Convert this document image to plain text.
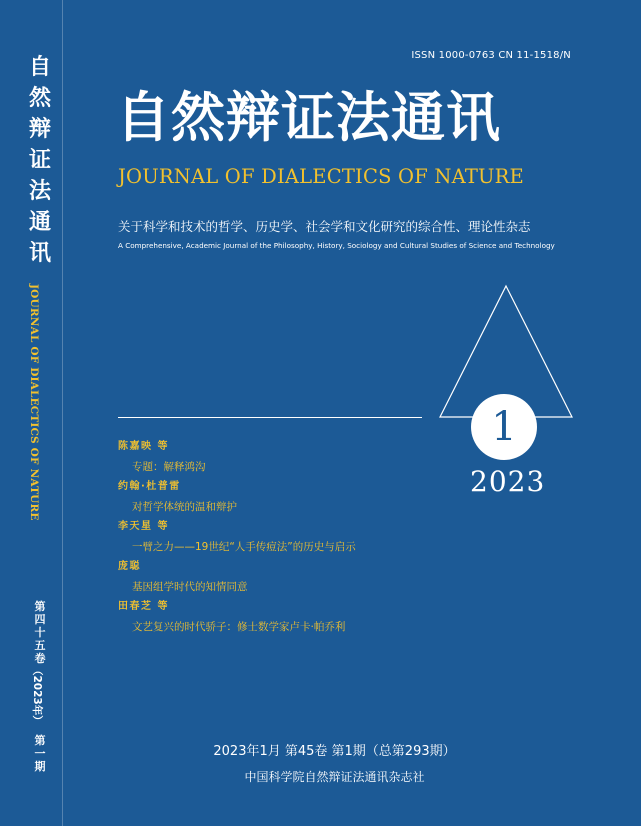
自
然
辩
证
法
通
讯
JOURNAL OF DIALECTICS OF NATURE
第
四
十
五
卷
（2023年）
第
一
期
ISSN 1000-0763 CN 11-1518/N
自然辩证法通讯
JOURNAL OF DIALECTICS OF NATURE
关于科学和技术的哲学、历史学、社会学和文化研究的综合性、理论性杂志
A Comprehensive, Academic Journal of the Philosophy, History, Sociology and Cultural Studies of Science and Technology
1
2023
陈嘉映 等
专题：解释鸿沟
约翰·杜普雷
对哲学体统的温和辩护
李天星 等
一臂之力——19世纪“人手传痘法”的历史与启示
庞聪
基因组学时代的知情同意
田春芝 等
文艺复兴的时代骄子：修士数学家卢卡·帕乔利
2023年1月 第45卷 第1期（总第293期）
中国科学院自然辩证法通讯杂志社
